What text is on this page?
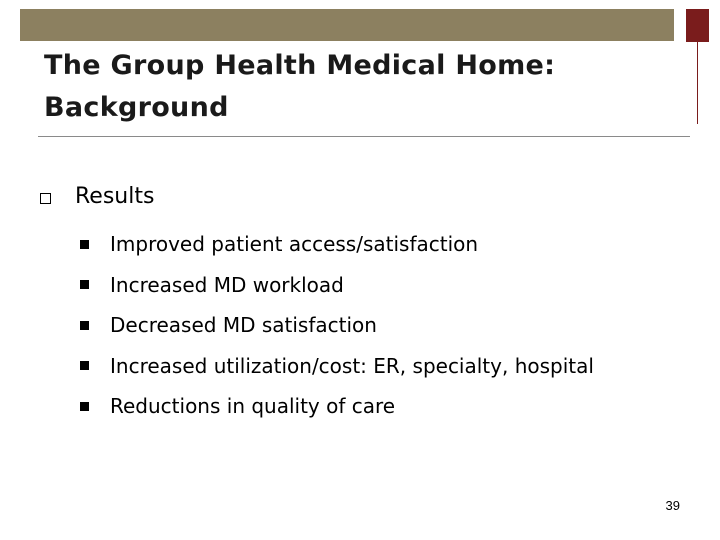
The Group Health Medical Home: Background
Results
Improved patient access/satisfaction
Increased MD workload
Decreased MD satisfaction
Increased utilization/cost: ER, specialty, hospital
Reductions in quality of care
39
